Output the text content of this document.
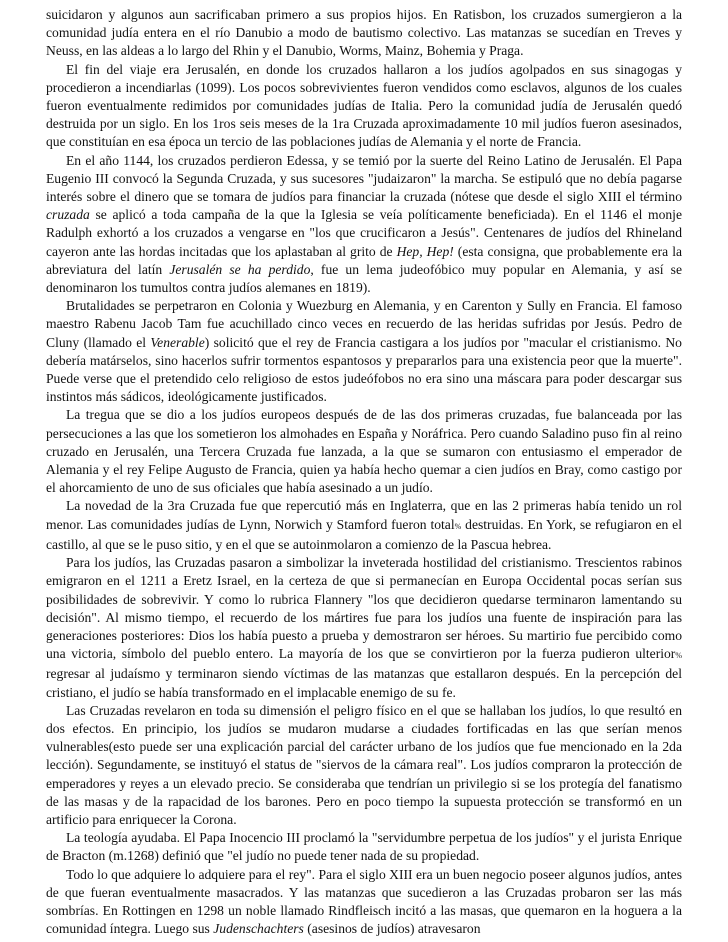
suicidaron y algunos aun sacrificaban primero a sus propios hijos. En Ratisbon, los cruzados sumergieron a la comunidad judía entera en el río Danubio a modo de bautismo colectivo. Las matanzas se sucedían en Treves y Neuss, en las aldeas a lo largo del Rhin y el Danubio, Worms, Mainz, Bohemia y Praga.

El fin del viaje era Jerusalén, en donde los cruzados hallaron a los judíos agolpados en sus sinagogas y procedieron a incendiarlas (1099). Los pocos sobrevivientes fueron vendidos como esclavos, algunos de los cuales fueron eventualmente redimidos por comunidades judías de Italia. Pero la comunidad judía de Jerusalén quedó destruida por un siglo. En los 1ros seis meses de la 1ra Cruzada aproximadamente 10 mil judíos fueron asesinados, que constituían en esa época un tercio de las poblaciones judías de Alemania y el norte de Francia.

En el año 1144, los cruzados perdieron Edessa, y se temió por la suerte del Reino Latino de Jerusalén. El Papa Eugenio III convocó la Segunda Cruzada, y sus sucesores "judaizaron" la marcha. Se estipuló que no debía pagarse interés sobre el dinero que se tomara de judíos para financiar la cruzada (nótese que desde el siglo XIII el término cruzada se aplicó a toda campaña de la que la Iglesia se veía políticamente beneficiada). En el 1146 el monje Radulph exhortó a los cruzados a vengarse en "los que crucificaron a Jesús". Centenares de judíos del Rhineland cayeron ante las hordas incitadas que los aplastaban al grito de Hep, Hep! (esta consigna, que probablemente era la abreviatura del latín Jerusalén se ha perdido, fue un lema judeofóbico muy popular en Alemania, y así se denominaron los tumultos contra judíos alemanes en 1819).

Brutalidades se perpetraron en Colonia y Wuezburg en Alemania, y en Carenton y Sully en Francia. El famoso maestro Rabenu Jacob Tam fue acuchillado cinco veces en recuerdo de las heridas sufridas por Jesús. Pedro de Cluny (llamado el Venerable) solicitó que el rey de Francia castigara a los judíos por "macular el cristianismo. No debería matárselos, sino hacerlos sufrir tormentos espantosos y prepararlos para una existencia peor que la muerte". Puede verse que el pretendido celo religioso de estos judeófobos no era sino una máscara para poder descargar sus instintos más sádicos, ideológicamente justificados.

La tregua que se dio a los judíos europeos después de de las dos primeras cruzadas, fue balanceada por las persecuciones a las que los sometieron los almohades en España y Noráfrica. Pero cuando Saladino puso fin al reino cruzado en Jerusalén, una Tercera Cruzada fue lanzada, a la que se sumaron con entusiasmo el emperador de Alemania y el rey Felipe Augusto de Francia, quien ya había hecho quemar a cien judíos en Bray, como castigo por el ahorcamiento de uno de sus oficiales que había asesinado a un judío.

La novedad de la 3ra Cruzada fue que repercutió más en Inglaterra, que en las 2 primeras había tenido un rol menor. Las comunidades judías de Lynn, Norwich y Stamford fueron total% destruidas. En York, se refugiaron en el castillo, al que se le puso sitio, y en el que se autoinmolaron a comienzo de la Pascua hebrea.

Para los judíos, las Cruzadas pasaron a simbolizar la inveterada hostilidad del cristianismo. Trescientos rabinos emigraron en el 1211 a Eretz Israel, en la certeza de que si permanecían en Europa Occidental pocas serían sus posibilidades de sobrevivir. Y como lo rubrica Flannery "los que decidieron quedarse terminaron lamentando su decisión". Al mismo tiempo, el recuerdo de los mártires fue para los judíos una fuente de inspiración para las generaciones posteriores: Dios los había puesto a prueba y demostraron ser héroes. Su martirio fue percibido como una victoria, símbolo del pueblo entero. La mayoría de los que se convirtieron por la fuerza pudieron ulterior% regresar al judaísmo y terminaron siendo víctimas de las matanzas que estallaron después. En la percepción del cristiano, el judío se había transformado en el implacable enemigo de su fe.

Las Cruzadas revelaron en toda su dimensión el peligro físico en el que se hallaban los judíos, lo que resultó en dos efectos. En principio, los judíos se mudaron mudarse a ciudades fortificadas en las que serían menos vulnerables(esto puede ser una explicación parcial del carácter urbano de los judíos que fue mencionado en la 2da lección). Segundamente, se instituyó el status de "siervos de la cámara real". Los judíos compraron la protección de emperadores y reyes a un elevado precio. Se consideraba que tendrían un privilegio si se los protegía del fanatismo de las masas y de la rapacidad de los barones. Pero en poco tiempo la supuesta protección se transformó en un artificio para enriquecer la Corona.

La teología ayudaba. El Papa Inocencio III proclamó la "servidumbre perpetua de los judíos" y el jurista Enrique de Bracton (m.1268) definió que "el judío no puede tener nada de su propiedad.

Todo lo que adquiere lo adquiere para el rey". Para el siglo XIII era un buen negocio poseer algunos judíos, antes de que fueran eventualmente masacrados. Y las matanzas que sucedieron a las Cruzadas probaron ser las más sombrías. En Rottingen en 1298 un noble llamado Rindfleisch incitó a las masas, que quemaron en la hoguera a la comunidad íntegra. Luego sus Judenschachters (asesinos de judíos) atravesaron
